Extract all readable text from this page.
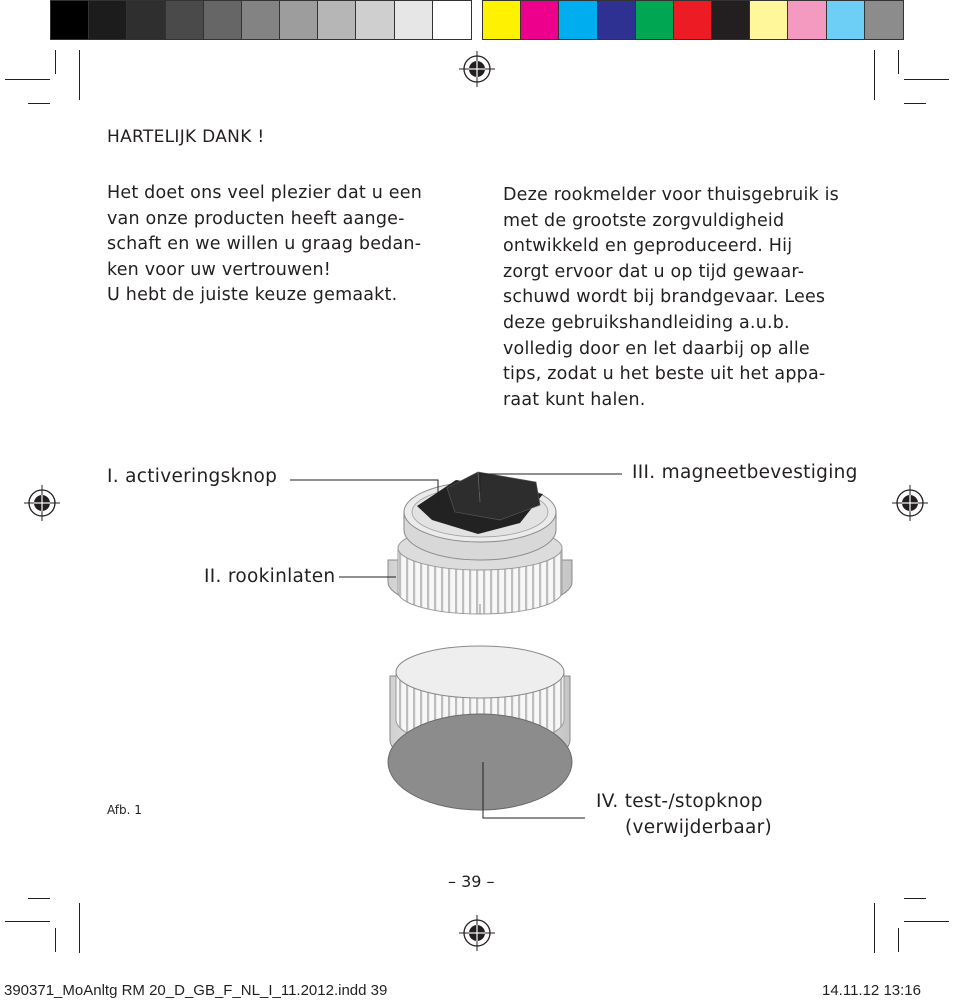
HARTELIJK DANK !
Het doet ons veel plezier dat u een
van onze producten heeft aange-
schaft en we willen u graag bedan-
ken voor uw vertrouwen!
U hebt de juiste keuze gemaakt.
Deze rookmelder voor thuisgebruik is
met de grootste zorgvuldigheid
ontwikkeld en geproduceerd. Hij
zorgt ervoor dat u op tijd gewaar-
schuwd wordt bij brandgevaar. Lees
deze gebruikshandleiding a.u.b.
volledig door en let daarbij op alle
tips, zodat u het beste uit het appa-
raat kunt halen.
I. activeringsknop
II. rookinlaten
III. magneetbevestiging
IV. test-/stopknop
(verwijderbaar)
Afb. 1
– 39 –
390371_MoAnltg RM 20_D_GB_F_NL_I_11.2012.indd 39	14.11.12 13:16
